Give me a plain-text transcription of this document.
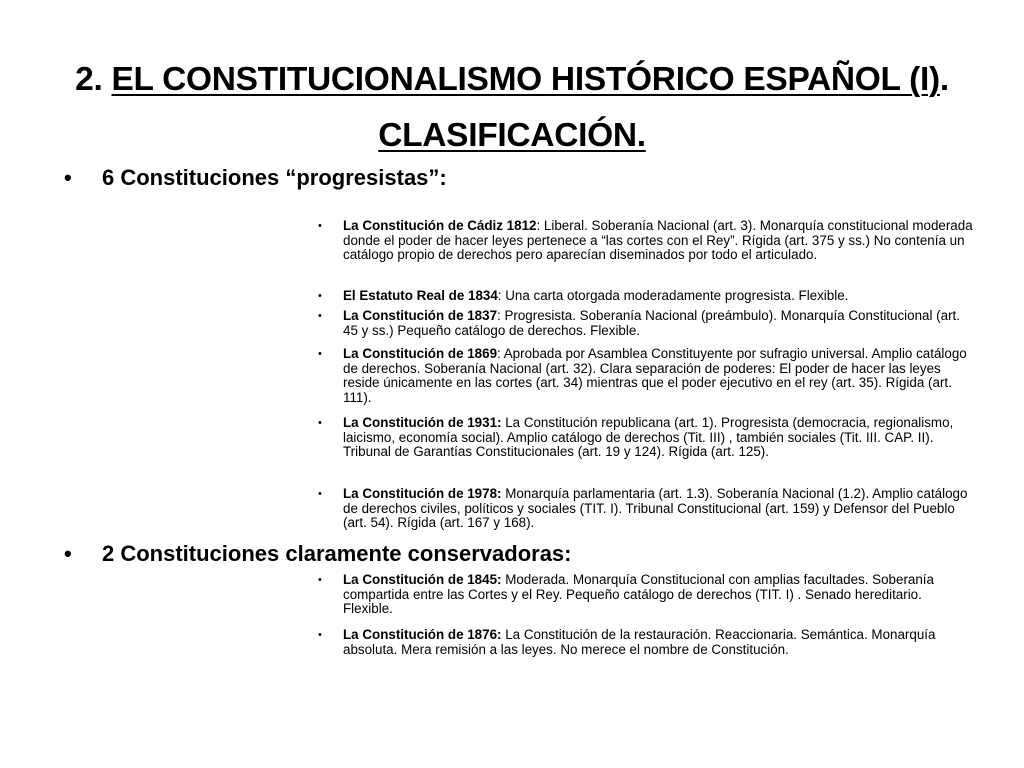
2. EL CONSTITUCIONALISMO HISTÓRICO ESPAÑOL (I).
CLASIFICACIÓN.
• 6 Constituciones “progresistas”:
• La Constitución de Cádiz 1812: Liberal. Soberanía Nacional (art. 3). Monarquía constitucional moderada donde el poder de hacer leyes pertenece a “las cortes con el Rey”. Rígida (art. 375 y ss.) No contenía un catálogo propio de derechos pero aparecían diseminados por todo el articulado.
• El Estatuto Real de 1834: Una carta otorgada moderadamente progresista. Flexible.
• La Constitución de 1837: Progresista. Soberanía Nacional (preámbulo). Monarquía Constitucional (art. 45 y ss.) Pequeño catálogo de derechos. Flexible.
• La Constitución de 1869: Aprobada por Asamblea Constituyente por sufragio universal. Amplio catálogo de derechos. Soberanía Nacional (art. 32). Clara separación de poderes: El poder de hacer las leyes reside únicamente en las cortes (art. 34) mientras que el poder ejecutivo en el rey (art. 35). Rígida (art. 111).
• La Constitución de 1931: La Constitución republicana (art. 1). Progresista (democracia, regionalismo, laicismo, economía social). Amplio catálogo de derechos (Tit. III) , también sociales (Tit. III. CAP. II). Tribunal de Garantías Constitucionales (art. 19 y 124). Rígida (art. 125).
• La Constitución de 1978: Monarquía parlamentaria (art. 1.3). Soberanía Nacional (1.2). Amplio catálogo de derechos civiles, políticos y sociales (TIT. I). Tribunal Constitucional (art. 159) y Defensor del Pueblo (art. 54). Rígida (art. 167 y 168).
• 2 Constituciones claramente conservadoras:
• La Constitución de 1845: Moderada. Monarquía Constitucional con amplias facultades. Soberanía compartida entre las Cortes y el Rey. Pequeño catálogo de derechos (TIT. I) . Senado hereditario. Flexible.
• La Constitución de 1876: La Constitución de la restauración. Reaccionaria. Semántica. Monarquía absoluta. Mera remisión a las leyes. No merece el nombre de Constitución.
